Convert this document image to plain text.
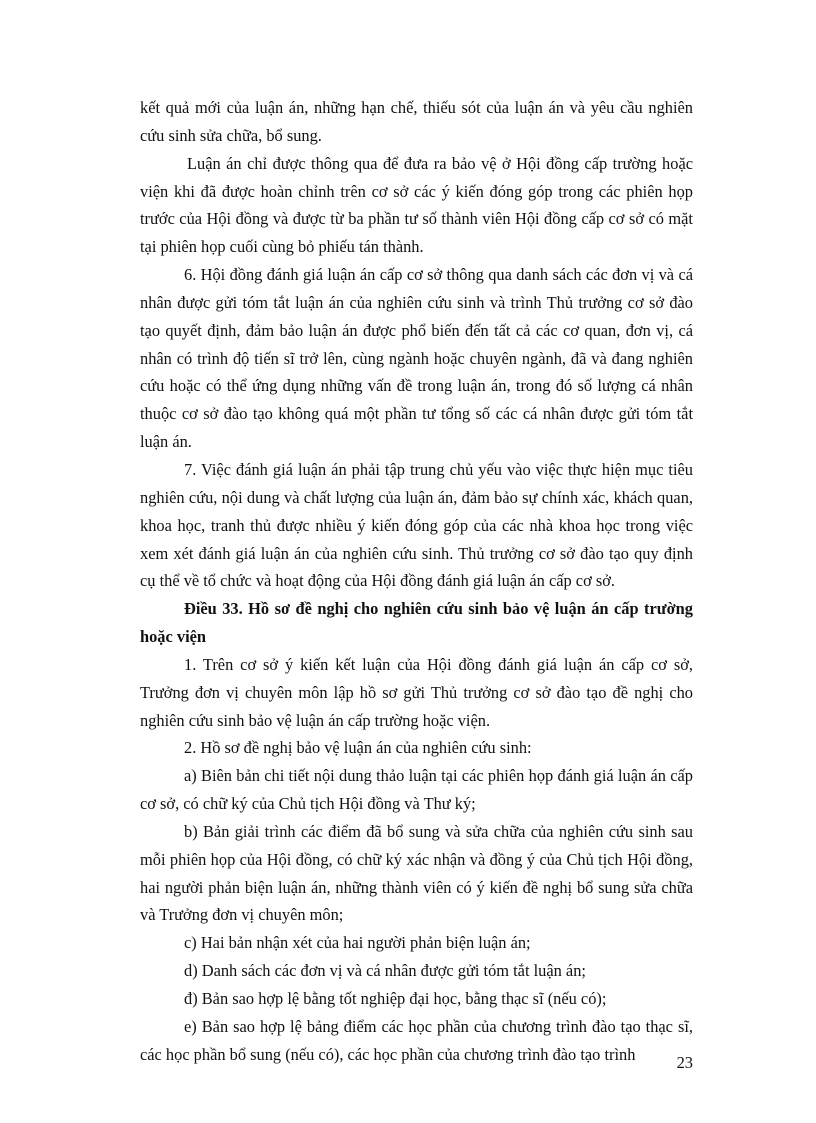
kết quả mới của luận án, những hạn chế, thiếu sót của luận án và yêu cầu nghiên cứu sinh sửa chữa, bổ sung.

Luận án chỉ được thông qua để đưa ra bảo vệ ở Hội đồng cấp trường hoặc viện khi đã được hoàn chỉnh trên cơ sở các ý kiến đóng góp trong các phiên họp trước của Hội đồng và được từ ba phần tư số thành viên Hội đồng cấp cơ sở có mặt tại phiên họp cuối cùng bỏ phiếu tán thành.

6. Hội đồng đánh giá luận án cấp cơ sở thông qua danh sách các đơn vị và cá nhân được gửi tóm tắt luận án của nghiên cứu sinh và trình Thủ trưởng cơ sở đào tạo quyết định, đảm bảo luận án được phổ biến đến tất cả các cơ quan, đơn vị, cá nhân có trình độ tiến sĩ trở lên, cùng ngành hoặc chuyên ngành, đã và đang nghiên cứu hoặc có thể ứng dụng những vấn đề trong luận án, trong đó số lượng cá nhân thuộc cơ sở đào tạo không quá một phần tư tổng số các cá nhân được gửi tóm tắt luận án.

7. Việc đánh giá luận án phải tập trung chủ yếu vào việc thực hiện mục tiêu nghiên cứu, nội dung và chất lượng của luận án, đảm bảo sự chính xác, khách quan, khoa học, tranh thủ được nhiều ý kiến đóng góp của các nhà khoa học trong việc xem xét đánh giá luận án của nghiên cứu sinh. Thủ trưởng cơ sở đào tạo quy định cụ thể về tổ chức và hoạt động của Hội đồng đánh giá luận án cấp cơ sở.

Điều 33. Hồ sơ đề nghị cho nghiên cứu sinh bảo vệ luận án cấp trường hoặc viện

1. Trên cơ sở ý kiến kết luận của Hội đồng đánh giá luận án cấp cơ sở, Trưởng đơn vị chuyên môn lập hồ sơ gửi Thủ trưởng cơ sở đào tạo đề nghị cho nghiên cứu sinh bảo vệ luận án cấp trường hoặc viện.

2. Hồ sơ đề nghị bảo vệ luận án của nghiên cứu sinh:

a) Biên bản chi tiết nội dung thảo luận tại các phiên họp đánh giá luận án cấp cơ sở, có chữ ký của Chủ tịch Hội đồng và Thư ký;

b) Bản giải trình các điểm đã bổ sung và sửa chữa của nghiên cứu sinh sau mỗi phiên họp của Hội đồng, có chữ ký xác nhận và đồng ý của Chủ tịch Hội đồng, hai người phản biện luận án, những thành viên có ý kiến đề nghị bổ sung sửa chữa và Trưởng đơn vị chuyên môn;

c) Hai bản nhận xét của hai người phản biện luận án;

d) Danh sách các đơn vị và cá nhân được gửi tóm tắt luận án;

đ) Bản sao hợp lệ bằng tốt nghiệp đại học, bằng thạc sĩ (nếu có);

e) Bản sao hợp lệ bảng điểm các học phần của chương trình đào tạo thạc sĩ, các học phần bổ sung (nếu có), các học phần của chương trình đào tạo trình	23
